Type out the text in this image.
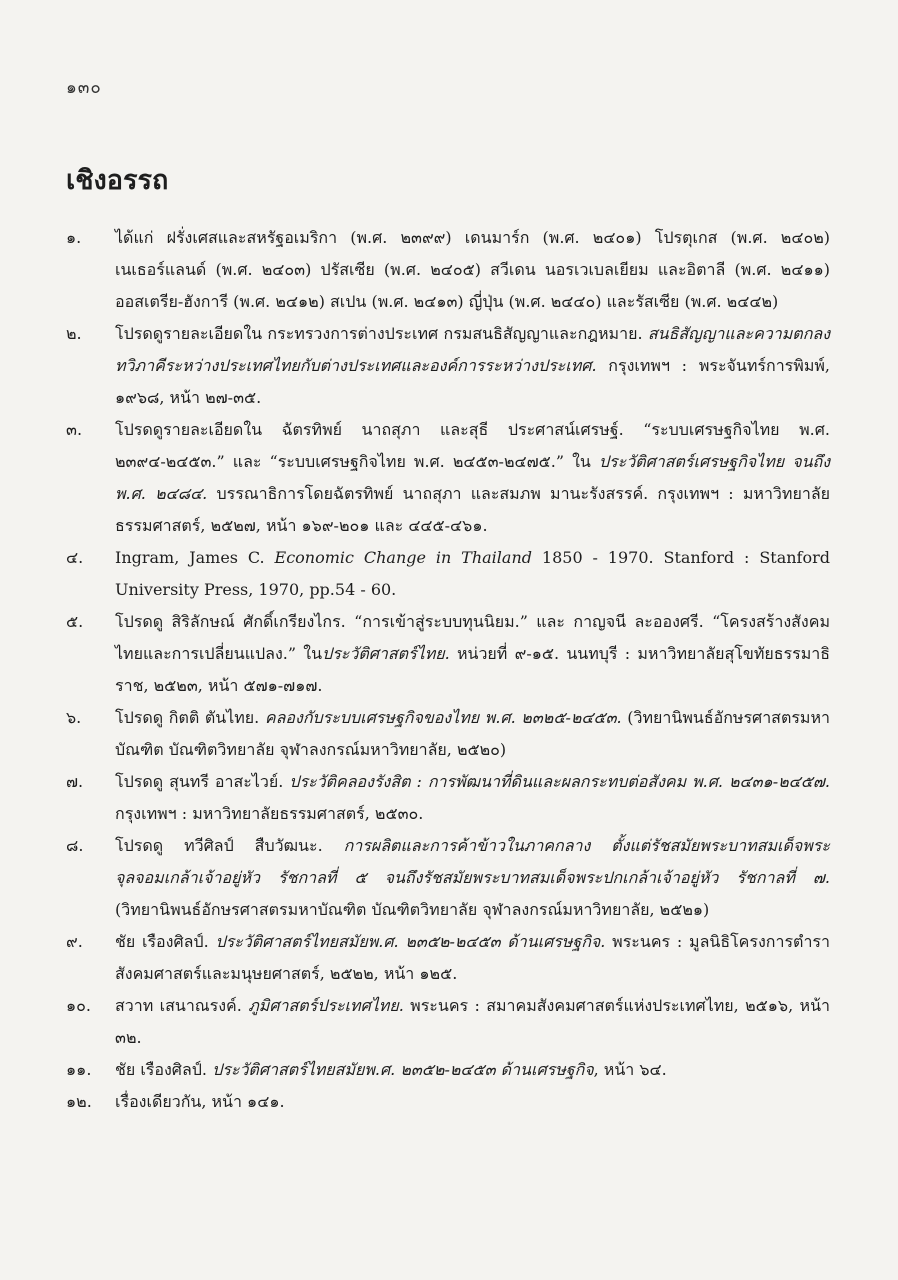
๑๓๐
เชิงอรรถ
๑. ได้แก่ ฝรั่งเศสและสหรัฐอเมริกา (พ.ศ. ๒๓๙๙) เดนมาร์ก (พ.ศ. ๒๔๐๑) โปรตุเกส (พ.ศ. ๒๔๐๒) เนเธอร์แลนด์ (พ.ศ. ๒๔๐๓) ปรัสเซีย (พ.ศ. ๒๔๐๕) สวีเดน นอรเวเบลเยียม และอิตาลี (พ.ศ. ๒๔๑๑) ออสเตรีย-ฮังการี (พ.ศ. ๒๔๑๒) สเปน (พ.ศ. ๒๔๑๓) ญี่ปุ่น (พ.ศ. ๒๔๔๐) และรัสเซีย (พ.ศ. ๒๔๔๒)
๒. โปรดดูรายละเอียดใน กระทรวงการต่างประเทศ กรมสนธิสัญญาและกฎหมาย. สนธิสัญญาและความตกลงทวิภาคีระหว่างประเทศไทยกับต่างประเทศและองค์การระหว่างประเทศ. กรุงเทพฯ : พระจันทร์การพิมพ์, ๑๙๖๘, หน้า ๒๗-๓๕.
๓. โปรดดูรายละเอียดใน ฉัตรทิพย์ นาถสุภา และสุธี ประศาสน์เศรษฐ์. “ระบบเศรษฐกิจไทย พ.ศ. ๒๓๙๔-๒๔๕๓.” และ “ระบบเศรษฐกิจไทย พ.ศ. ๒๔๕๓-๒๔๗๕.” ใน ประวัติศาสตร์เศรษฐกิจไทย จนถึงพ.ศ. ๒๔๘๔. บรรณาธิการโดยฉัตรทิพย์ นาถสุภา และสมภพ มานะรังสรรค์. กรุงเทพฯ : มหาวิทยาลัยธรรมศาสตร์, ๒๕๒๗, หน้า ๑๖๙-๒๐๑ และ ๔๔๕-๔๖๑.
๔. Ingram, James C. Economic Change in Thailand 1850 - 1970. Stanford : Stanford University Press, 1970, pp.54 - 60.
๕. โปรดดู สิริลักษณ์ ศักดิ์เกรียงไกร. “การเข้าสู่ระบบทุนนิยม.” และ กาญจนี ละอองศรี. “โครงสร้างสังคมไทยและการเปลี่ยนแปลง.” ในประวัติศาสตร์ไทย. หน่วยที่ ๙-๑๕. นนทบุรี : มหาวิทยาลัยสุโขทัยธรรมาธิราช, ๒๕๒๓, หน้า ๕๗๑-๗๑๗.
๖. โปรดดู กิตติ ตันไทย. คลองกับระบบเศรษฐกิจของไทย พ.ศ. ๒๓๒๕-๒๔๕๓. (วิทยานิพนธ์อักษรศาสตรมหาบัณฑิต บัณฑิตวิทยาลัย จุฬาลงกรณ์มหาวิทยาลัย, ๒๕๒๐)
๗. โปรดดู สุนทรี อาสะไวย์. ประวัติคลองรังสิต : การพัฒนาที่ดินและผลกระทบต่อสังคม พ.ศ. ๒๔๓๑-๒๔๕๗. กรุงเทพฯ : มหาวิทยาลัยธรรมศาสตร์, ๒๕๓๐.
๘. โปรดดู ทวีศิลป์ สืบวัฒนะ. การผลิตและการค้าข้าวในภาคกลาง ตั้งแต่รัชสมัยพระบาทสมเด็จพระจุลจอมเกล้าเจ้าอยู่หัว รัชกาลที่ ๕ จนถึงรัชสมัยพระบาทสมเด็จพระปกเกล้าเจ้าอยู่หัว รัชกาลที่ ๗. (วิทยานิพนธ์อักษรศาสตรมหาบัณฑิต บัณฑิตวิทยาลัย จุฬาลงกรณ์มหาวิทยาลัย, ๒๕๒๑)
๙. ชัย เรืองศิลป์. ประวัติศาสตร์ไทยสมัยพ.ศ. ๒๓๕๒-๒๔๕๓ ด้านเศรษฐกิจ. พระนคร : มูลนิธิโครงการตำราสังคมศาสตร์และมนุษยศาสตร์, ๒๕๒๒, หน้า ๑๒๕.
๑๐. สวาท เสนาณรงค์. ภูมิศาสตร์ประเทศไทย. พระนคร : สมาคมสังคมศาสตร์แห่งประเทศไทย, ๒๕๑๖, หน้า ๓๒.
๑๑. ชัย เรืองศิลป์. ประวัติศาสตร์ไทยสมัยพ.ศ. ๒๓๕๒-๒๔๕๓ ด้านเศรษฐกิจ, หน้า ๖๔.
๑๒. เรื่องเดียวกัน, หน้า ๑๔๑.
